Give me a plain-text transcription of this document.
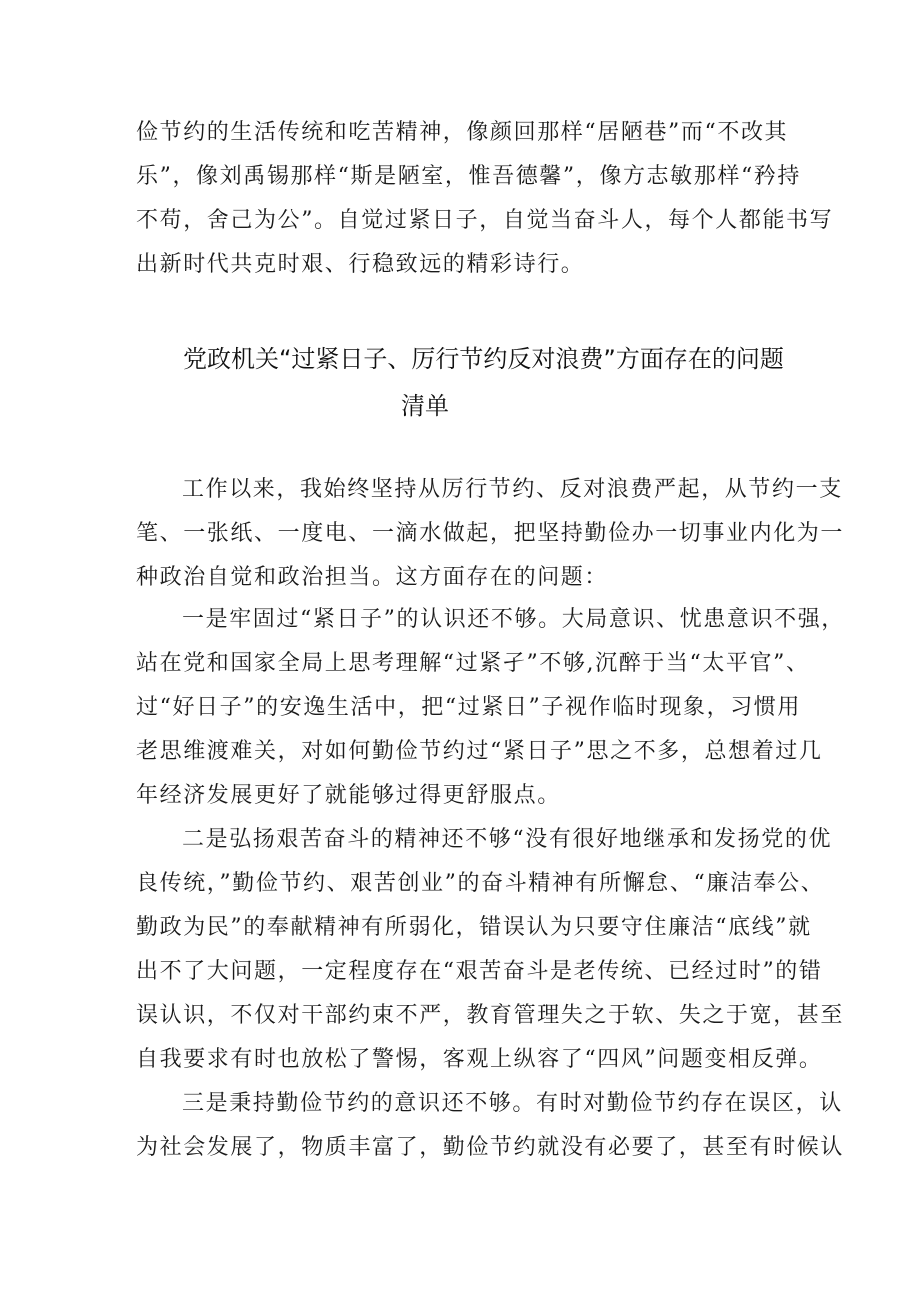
俭节约的生活传统和吃苦精神，像颜回那样“居陋巷”而“不改其
乐”，像刘禹锡那样“斯是陋室，惟吾德馨”，像方志敏那样“矜持
不苟，舍己为公”。自觉过紧日子，自觉当奋斗人，每个人都能书写
出新时代共克时艰、行稳致远的精彩诗行。
党政机关“过紧日子、厉行节约反对浪费”方面存在的问题
清单
工作以来，我始终坚持从厉行节约、反对浪费严起，从节约一支
笔、一张纸、一度电、一滴水做起，把坚持勤俭办一切事业内化为一
种政治自觉和政治担当。这方面存在的问题：
一是牢固过“紧日子”的认识还不够。大局意识、忧患意识不强，
站在党和国家全局上思考理解“过紧孑”不够,沉醉于当“太平官”、
过“好日子”的安逸生活中，把“过紧日”子视作临时现象，习惯用
老思维渡难关，对如何勤俭节约过“紧日子”思之不多，总想着过几
年经济发展更好了就能够过得更舒服点。
二是弘扬艰苦奋斗的精神还不够“没有很好地继承和发扬党的优
良传统，”勤俭节约、艰苦创业”的奋斗精神有所懈怠、“廉洁奉公、
勤政为民”的奉献精神有所弱化，错误认为只要守住廉洁“底线”就
出不了大问题，一定程度存在“艰苦奋斗是老传统、已经过时”的错
误认识，不仅对干部约束不严，教育管理失之于软、失之于宽，甚至
自我要求有时也放松了警惕，客观上纵容了“四风”问题变相反弹。
三是秉持勤俭节约的意识还不够。有时对勤俭节约存在误区，认
为社会发展了，物质丰富了，勤俭节约就没有必要了，甚至有时候认
